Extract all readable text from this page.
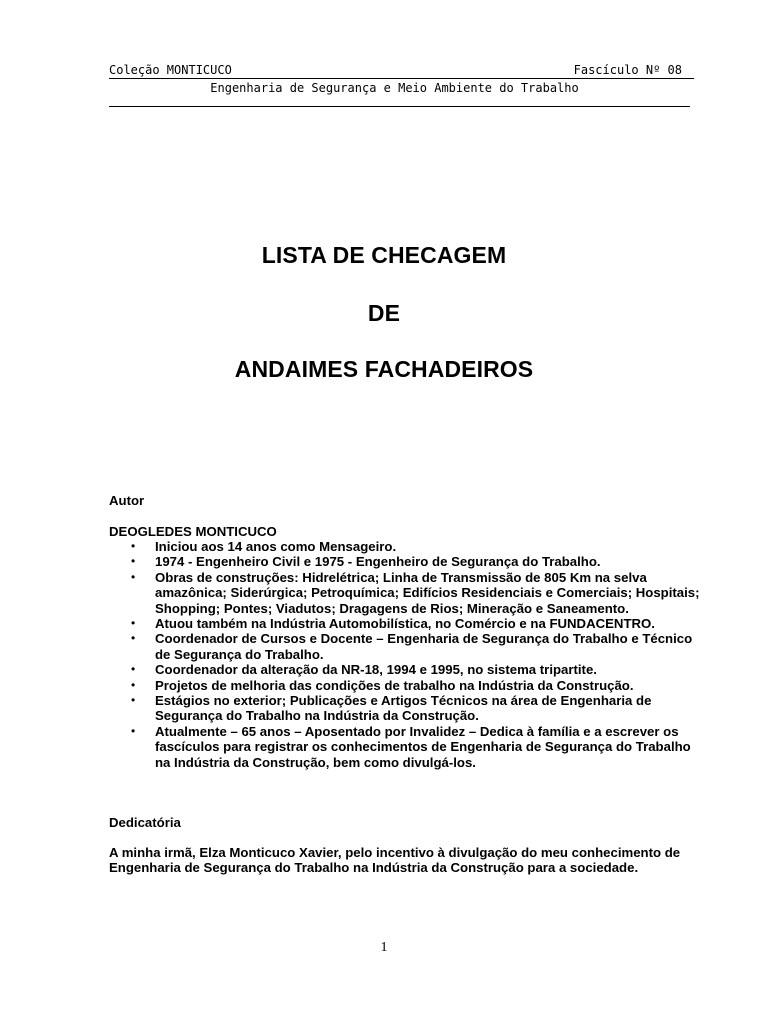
Coleção MONTICUCO	Fascículo Nº 08
Engenharia de Segurança e Meio Ambiente do Trabalho
LISTA DE CHECAGEM
DE
ANDAIMES FACHADEIROS
Autor
DEOGLEDES MONTICUCO
• Iniciou aos 14 anos como Mensageiro.
• 1974 - Engenheiro Civil e 1975 - Engenheiro de Segurança do Trabalho.
• Obras de construções: Hidrelétrica; Linha de Transmissão de 805 Km na selva amazônica; Siderúrgica; Petroquímica; Edifícios Residenciais e Comerciais; Hospitais; Shopping; Pontes; Viadutos; Dragagens de Rios; Mineração e Saneamento.
• Atuou também na Indústria Automobilística, no Comércio e na FUNDACENTRO.
• Coordenador de Cursos e Docente – Engenharia de Segurança do Trabalho e Técnico de Segurança do Trabalho.
• Coordenador da alteração da NR-18, 1994 e 1995, no sistema tripartite.
• Projetos de melhoria das condições de trabalho na Indústria da Construção.
• Estágios no exterior; Publicações e Artigos Técnicos na área de Engenharia de Segurança do Trabalho na Indústria da Construção.
• Atualmente – 65 anos – Aposentado por Invalidez – Dedica à família e a escrever os fascículos para registrar os conhecimentos de Engenharia de Segurança do Trabalho na Indústria da Construção, bem como divulgá-los.
Dedicatória
A minha irmã, Elza Monticuco Xavier, pelo incentivo à divulgação do meu conhecimento de Engenharia de Segurança do Trabalho na Indústria da Construção para a sociedade.
1
